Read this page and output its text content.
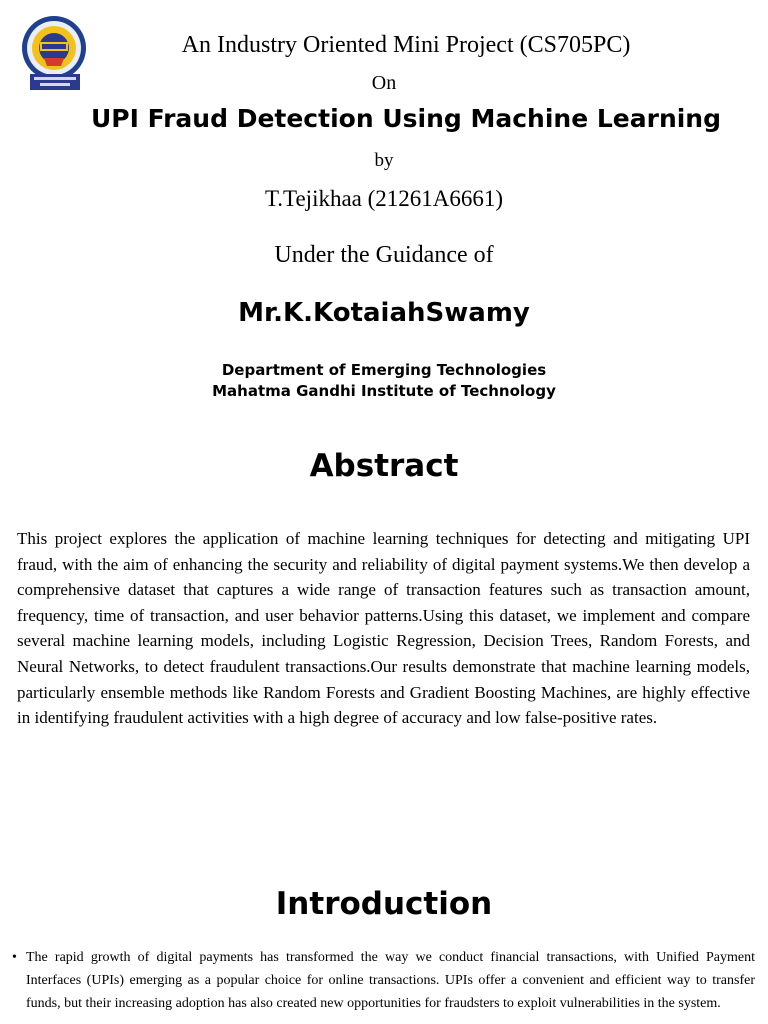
An Industry Oriented Mini Project (CS705PC)
On
UPI Fraud Detection Using Machine Learning
by
T.Tejikhaa (21261A6661)
Under the Guidance of
Mr.K.KotaiahSwamy
Department of Emerging Technologies
Mahatma Gandhi Institute of Technology
Abstract

This project explores the application of machine learning techniques for detecting and mitigating UPI fraud, with the aim of enhancing the security and reliability of digital payment systems.We then develop a comprehensive dataset that captures a wide range of transaction features such as transaction amount, frequency, time of transaction, and user behavior patterns.Using this dataset, we implement and compare several machine learning models, including Logistic Regression, Decision Trees, Random Forests, and Neural Networks, to detect fraudulent transactions.Our results demonstrate that machine learning models, particularly ensemble methods like Random Forests and Gradient Boosting Machines, are highly effective in identifying fraudulent activities with a high degree of accuracy and low false-positive rates.

Introduction
• The rapid growth of digital payments has transformed the way we conduct financial transactions, with Unified Payment Interfaces (UPIs) emerging as a popular choice for online transactions. UPIs offer a convenient and efficient way to transfer funds, but their increasing adoption has also created new opportunities for fraudsters to exploit vulnerabilities in the system.
